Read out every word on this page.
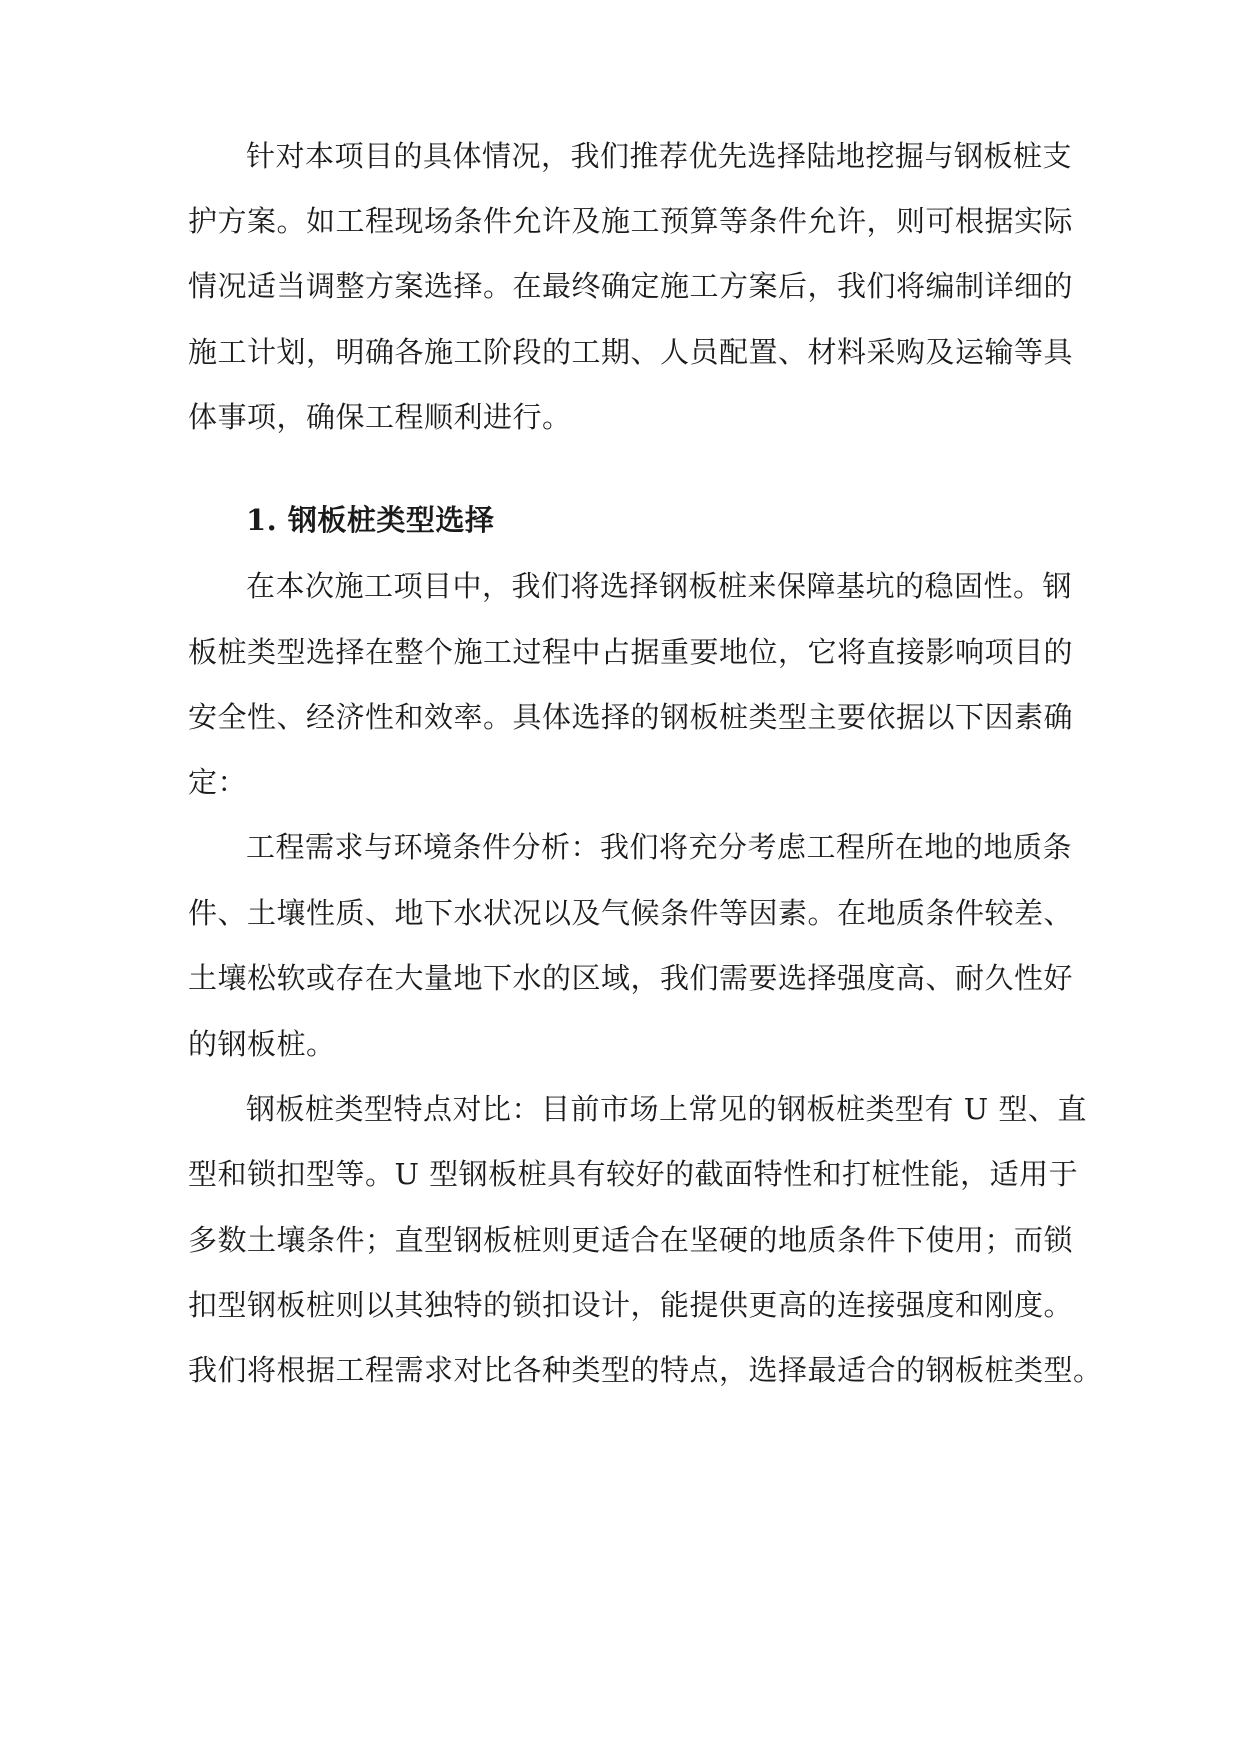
针对本项目的具体情况，我们推荐优先选择陆地挖掘与钢板桩支
护方案。如工程现场条件允许及施工预算等条件允许，则可根据实际
情况适当调整方案选择。在最终确定施工方案后，我们将编制详细的
施工计划，明确各施工阶段的工期、人员配置、材料采购及运输等具
体事项，确保工程顺利进行。
1. 钢板桩类型选择
在本次施工项目中，我们将选择钢板桩来保障基坑的稳固性。钢
板桩类型选择在整个施工过程中占据重要地位，它将直接影响项目的
安全性、经济性和效率。具体选择的钢板桩类型主要依据以下因素确
定：
工程需求与环境条件分析：我们将充分考虑工程所在地的地质条
件、土壤性质、地下水状况以及气候条件等因素。在地质条件较差、
土壤松软或存在大量地下水的区域，我们需要选择强度高、耐久性好
的钢板桩。
钢板桩类型特点对比：目前市场上常见的钢板桩类型有 U 型、直
型和锁扣型等。U 型钢板桩具有较好的截面特性和打桩性能，适用于
多数土壤条件；直型钢板桩则更适合在坚硬的地质条件下使用；而锁
扣型钢板桩则以其独特的锁扣设计，能提供更高的连接强度和刚度。
我们将根据工程需求对比各种类型的特点，选择最适合的钢板桩类型。
